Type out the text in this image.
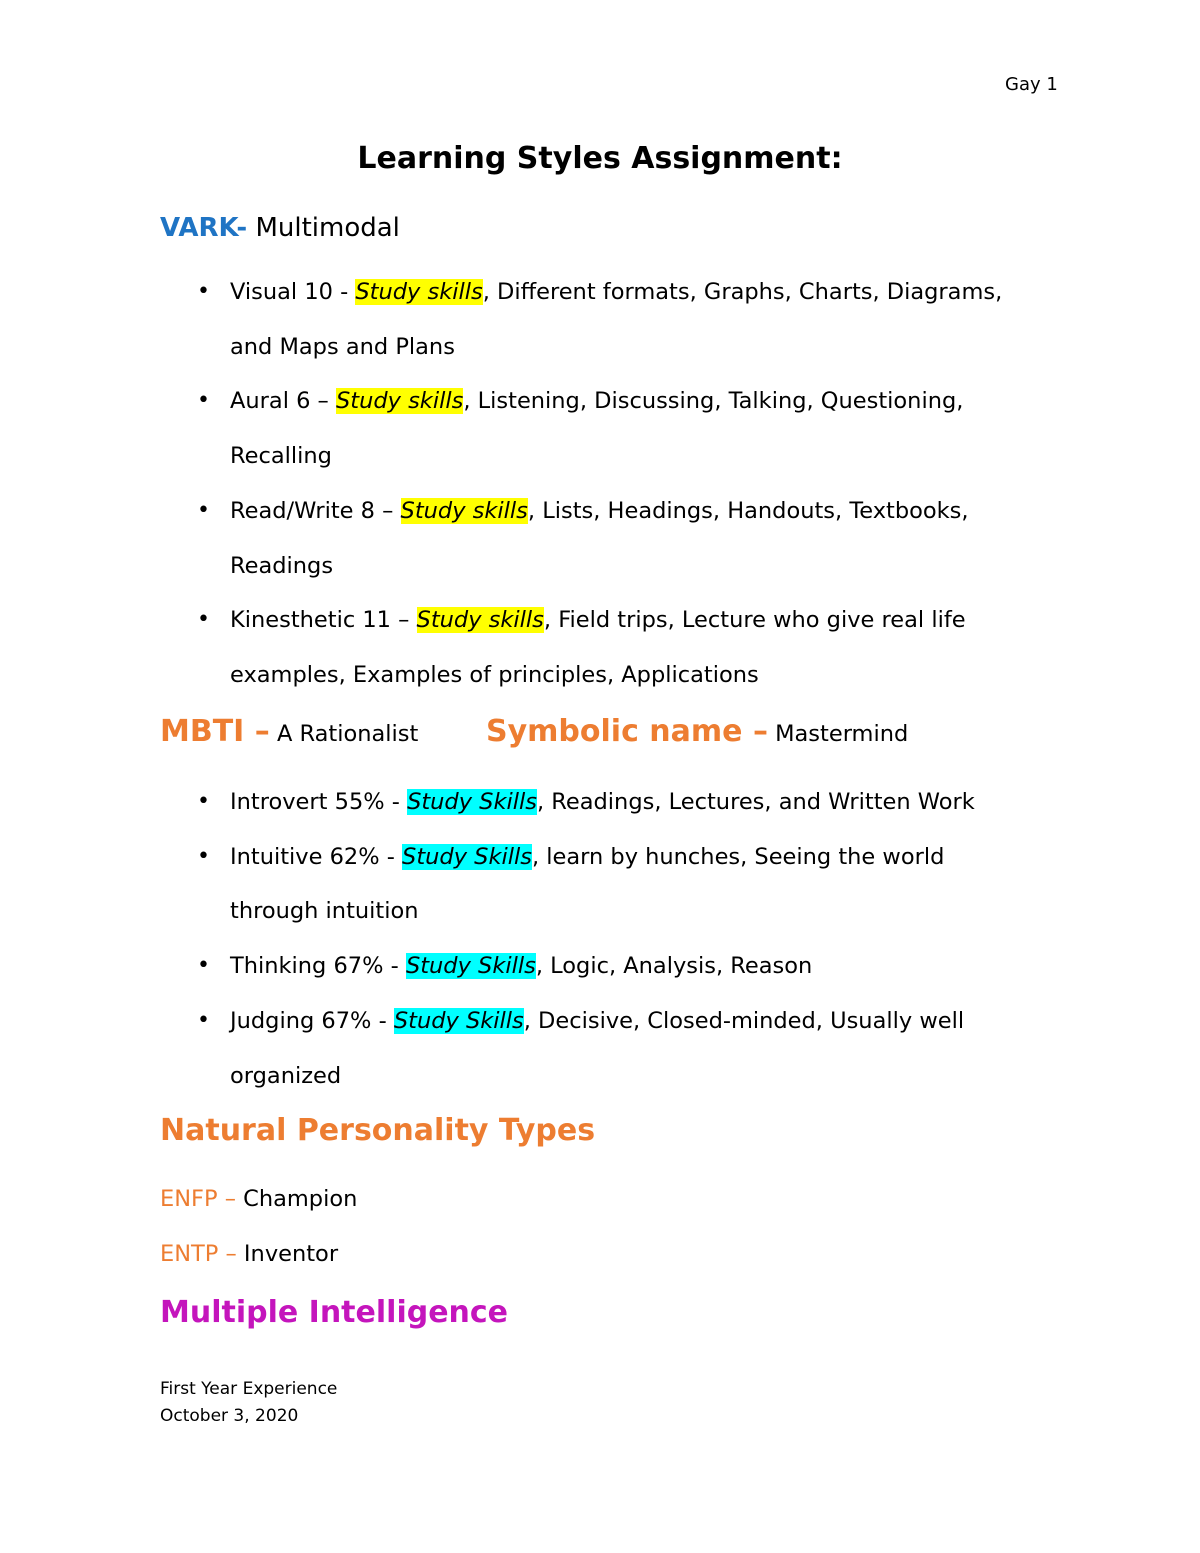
Gay 1
Learning Styles Assignment:
VARK- Multimodal
• Visual 10 - Study skills, Different formats, Graphs, Charts, Diagrams,
and Maps and Plans
• Aural 6 – Study skills, Listening, Discussing, Talking, Questioning,
Recalling
• Read/Write 8 – Study skills, Lists, Headings, Handouts, Textbooks,
Readings
• Kinesthetic 11 – Study skills, Field trips, Lecture who give real life
examples, Examples of principles, Applications
MBTI – A Rationalist Symbolic name – Mastermind
• Introvert 55% - Study Skills, Readings, Lectures, and Written Work
• Intuitive 62% - Study Skills, learn by hunches, Seeing the world
through intuition
• Thinking 67% - Study Skills, Logic, Analysis, Reason
• Judging 67% - Study Skills, Decisive, Closed-minded, Usually well
organized
Natural Personality Types
ENFP – Champion
ENTP – Inventor
Multiple Intelligence
First Year Experience
October 3, 2020
